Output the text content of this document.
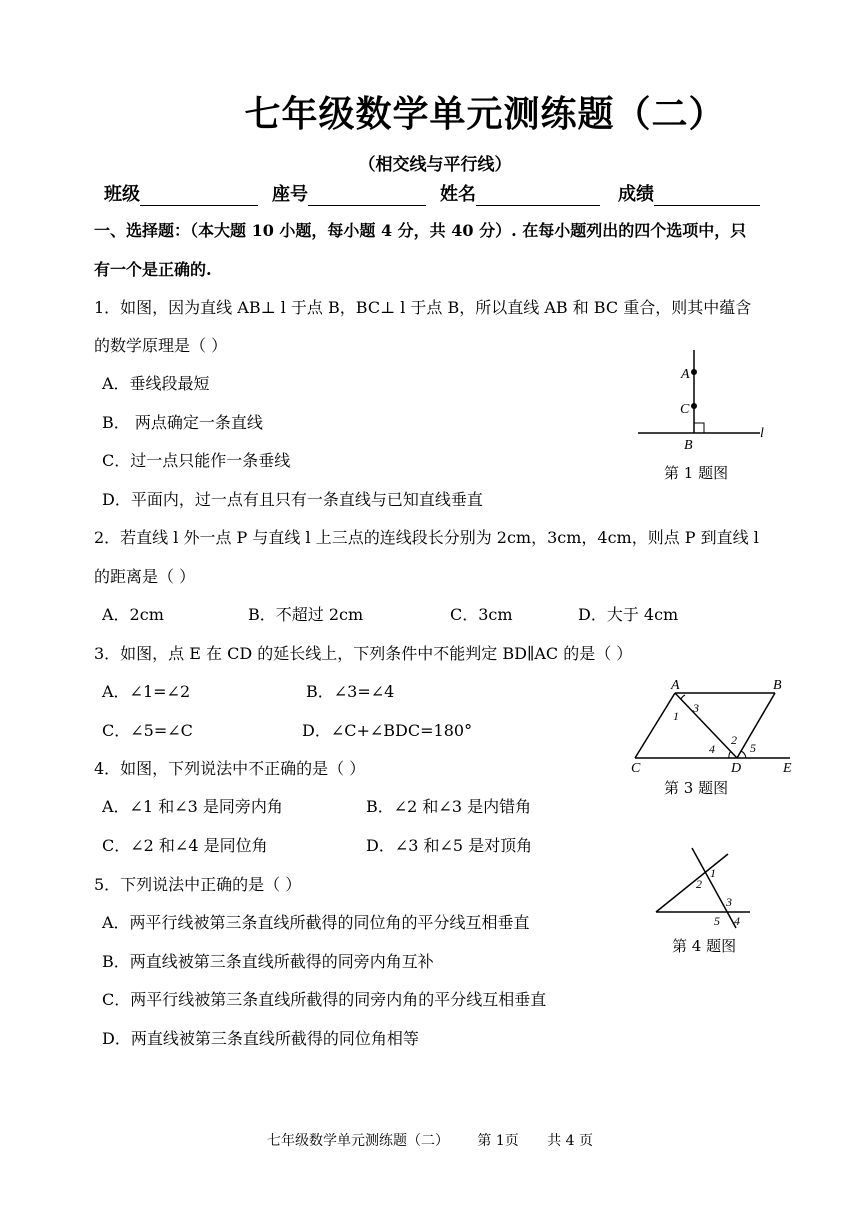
七年级数学单元测练题（二）
（相交线与平行线）
班级	座号	姓名	成绩
一、选择题：（本大题 10 小题，每小题 4 分，共 40 分）. 在每小题列出的四个选项中，只
有一个是正确的.
1．如图，因为直线 AB⊥ l 于点 B，BC⊥ l 于点 B，所以直线 AB 和 BC 重合，则其中蕴含
的数学原理是（ ）
A．垂线段最短
B． 两点确定一条直线
C．过一点只能作一条垂线
D．平面内，过一点有且只有一条直线与已知直线垂直
A
C
B
l
第 1 题图
2．若直线 l 外一点 P 与直线 l 上三点的连线段长分别为 2cm，3cm，4cm，则点 P 到直线 l
的距离是（ ）
A．2cm	B．不超过 2cm	C．3cm	D．大于 4cm
3．如图，点 E 在 CD 的延长线上，下列条件中不能判定 BD∥AC 的是（ ）
A．∠1=∠2	B．∠3=∠4
C．∠5=∠C	D．∠C+∠BDC=180°
A	B
C	D	E
1
2
3
4	5
第 3 题图
4．如图，下列说法中不正确的是（ ）
A．∠1 和∠3 是同旁内角	B．∠2 和∠3 是内错角
C．∠2 和∠4 是同位角	D．∠3 和∠5 是对顶角
1
2
3
4
5
第 4 题图
5．下列说法中正确的是（ ）
A．两平行线被第三条直线所截得的同位角的平分线互相垂直
B．两直线被第三条直线所截得的同旁内角互补
C．两平行线被第三条直线所截得的同旁内角的平分线互相垂直
D．两直线被第三条直线所截得的同位角相等
七年级数学单元测练题（二） 第 1页 共 4 页
